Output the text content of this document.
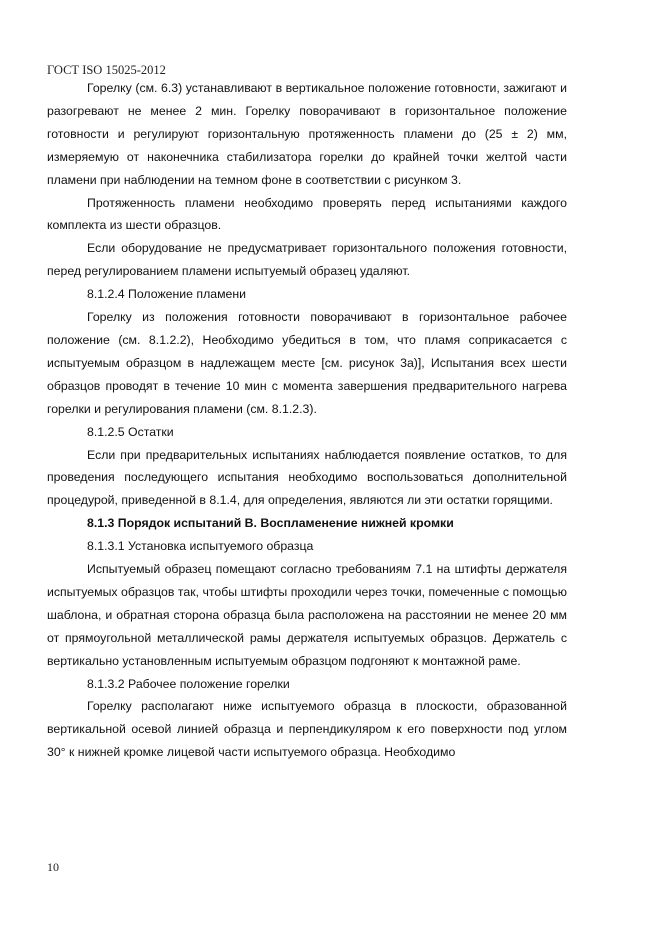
ГОСТ ISO 15025-2012

Горелку (см. 6.3) устанавливают в вертикальное положение готовности, зажигают и разогревают не менее 2 мин. Горелку поворачивают в горизонтальное положение готовности и регулируют горизонтальную протяженность пламени до (25 ± 2) мм, измеряемую от наконечника стабилизатора горелки до крайней точки желтой части пламени при наблюдении на темном фоне в соответствии с рисунком 3.

Протяженность пламени необходимо проверять перед испытаниями каждого комплекта из шести образцов.

Если оборудование не предусматривает горизонтального положения готовности, перед регулированием пламени испытуемый образец удаляют.

8.1.2.4 Положение пламени

Горелку из положения готовности поворачивают в горизонтальное рабочее положение (см. 8.1.2.2), Необходимо убедиться в том, что пламя соприкасается с испытуемым образцом в надлежащем месте [см. рисунок 3а)], Испытания всех шести образцов проводят в течение 10 мин с момента завершения предварительного нагрева горелки и регулирования пламени (см. 8.1.2.3).

8.1.2.5 Остатки

Если при предварительных испытаниях наблюдается появление остатков, то для проведения последующего испытания необходимо воспользоваться дополнительной процедурой, приведенной в 8.1.4, для определения, являются ли эти остатки горящими.

8.1.3 Порядок испытаний В. Воспламенение нижней кромки

8.1.3.1 Установка испытуемого образца

Испытуемый образец помещают согласно требованиям 7.1 на штифты держателя испытуемых образцов так, чтобы штифты проходили через точки, помеченные с помощью шаблона, и обратная сторона образца была расположена на расстоянии не менее 20 мм от прямоугольной металлической рамы держателя испытуемых образцов. Держатель с вертикально установленным испытуемым образцом подгоняют к монтажной раме.

8.1.3.2 Рабочее положение горелки

Горелку располагают ниже испытуемого образца в плоскости, образованной вертикальной осевой линией образца и перпендикуляром к его поверхности под углом 30° к нижней кромке лицевой части испытуемого образца. Необходимо

10
